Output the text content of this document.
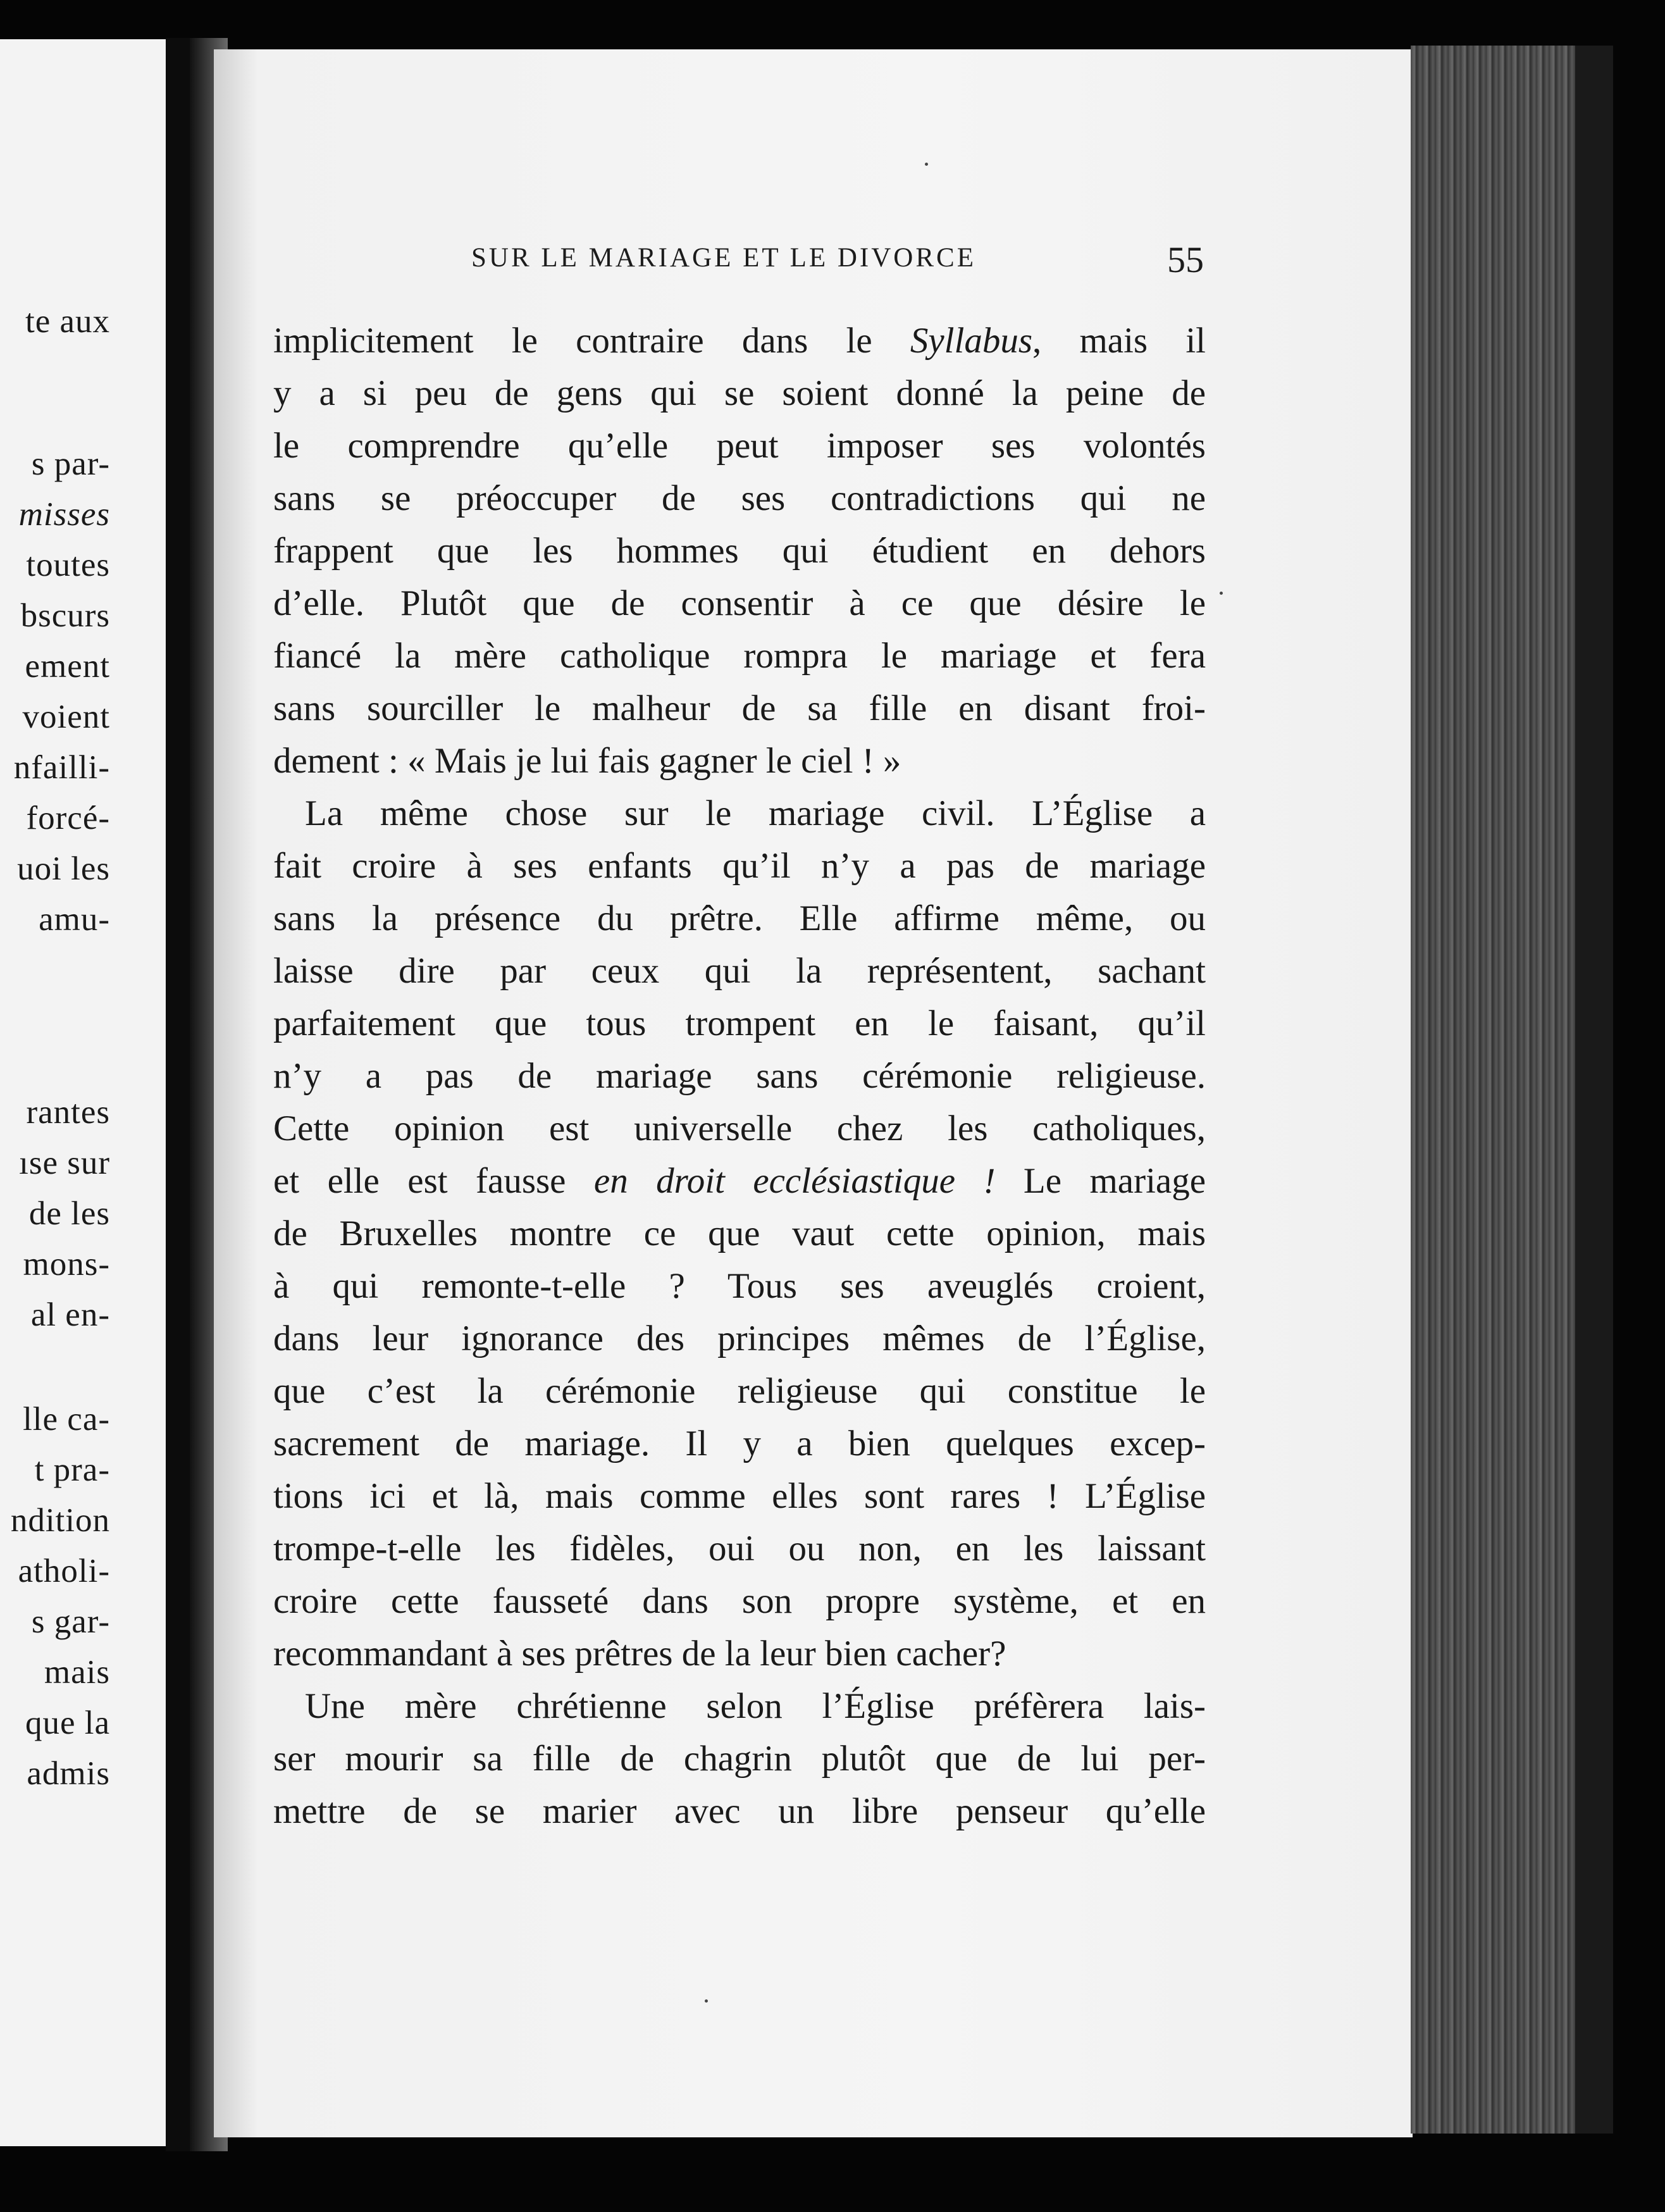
te aux
s par-
misses
toutes
bscurs
ement
voient
nfailli-
forcé-
uoi les
amu-
rantes
ıse sur
de les
mons-
al en-
lle ca-
t pra-
ndition
atholi-
s gar-
mais
que la
admis
SUR LE MARIAGE ET LE DIVORCE	55
implicitement le contraire dans le Syllabus, mais il
y a si peu de gens qui se soient donné la peine de
le comprendre qu’elle peut imposer ses volontés
sans se préoccuper de ses contradictions qui ne
frappent que les hommes qui étudient en dehors
d’elle. Plutôt que de consentir à ce que désire le
fiancé la mère catholique rompra le mariage et fera
sans sourciller le malheur de sa fille en disant froi-
dement : « Mais je lui fais gagner le ciel ! »
La même chose sur le mariage civil. L’Église a
fait croire à ses enfants qu’il n’y a pas de mariage
sans la présence du prêtre. Elle affirme même, ou
laisse dire par ceux qui la représentent, sachant
parfaitement que tous trompent en le faisant, qu’il
n’y a pas de mariage sans cérémonie religieuse.
Cette opinion est universelle chez les catholiques,
et elle est fausse en droit ecclésiastique ! Le mariage
de Bruxelles montre ce que vaut cette opinion, mais
à qui remonte-t-elle ? Tous ses aveuglés croient,
dans leur ignorance des principes mêmes de l’Église,
que c’est la cérémonie religieuse qui constitue le
sacrement de mariage. Il y a bien quelques excep-
tions ici et là, mais comme elles sont rares ! L’Église
trompe-t-elle les fidèles, oui ou non, en les laissant
croire cette fausseté dans son propre système, et en
recommandant à ses prêtres de la leur bien cacher?
Une mère chrétienne selon l’Église préfèrera lais-
ser mourir sa fille de chagrin plutôt que de lui per-
mettre de se marier avec un libre penseur qu’elle
